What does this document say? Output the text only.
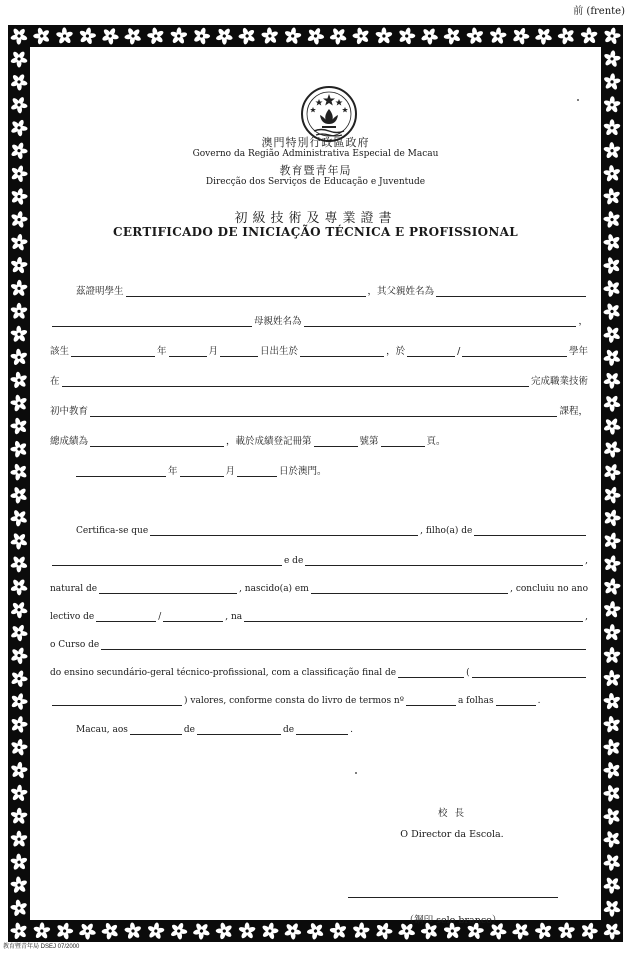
前 (frente)
澳門特別行政區政府
Governo da Região Administrativa Especial de Macau
教育暨青年局
Direcção dos Serviços de Educação e Juventude
初級技術及專業證書
CERTIFICADO DE INICIAÇÃO TÉCNICA E PROFISSIONAL
茲證明學生	，其父親姓名為
母親姓名為	，
該生	年	月	日出生於	，於	/	學年
在	完成職業技術
初中教育	課程，
總成績為	，載於成績登記冊第	號第	頁。
年	月	日於澳門。
Certifica-se que	, filho(a) de
e de	,
natural de	, nascido(a) em	, concluiu no ano
lectivo de	/	, na	,
o Curso de
do ensino secundário-geral técnico-profissional, com a classificação final de	(
) valores, conforme consta do livro de termos nº	a folhas	.
Macau, aos	de	de	.
校 長
O Director da Escola.
（鋼印 selo branco）
教育暨青年局 DSEJ 07/2000
